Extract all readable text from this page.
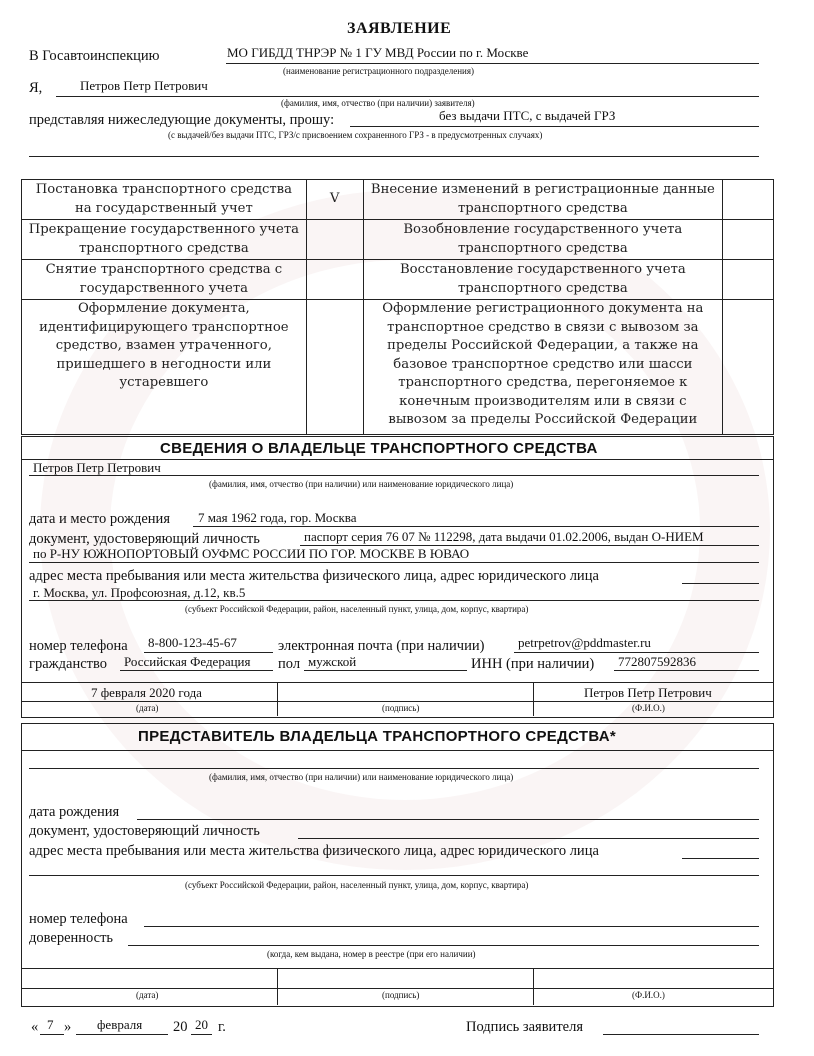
ЗАЯВЛЕНИЕ
В Госавтоинспекцию	МО ГИБДД ТНРЭР № 1 ГУ МВД России по г. Москве
(наименование регистрационного подразделения)
Я,	Петров Петр Петрович
(фамилия, имя, отчество (при наличии) заявителя)
представляя нижеследующие документы, прошу:	без выдачи ПТС, с выдачей ГРЗ
(с выдачей/без выдачи ПТС, ГРЗ/с присвоением сохраненного ГРЗ - в предусмотренных случаях)
Постановка транспортного средства на государственный учет	V	Внесение изменений в регистрационные данные транспортного средства	
Прекращение государственного учета транспортного средства		Возобновление государственного учета транспортного средства	
Снятие транспортного средства с государственного учета		Восстановление государственного учета транспортного средства	
Оформление документа, идентифицирующего транспортное средство, взамен утраченного, пришедшего в негодности или устаревшего		Оформление регистрационного документа на транспортное средство в связи с вывозом за пределы Российской Федерации, а также на базовое транспортное средство или шасси транспортного средства, перегоняемое к конечным производителям или в связи с вывозом за пределы Российской Федерации	
СВЕДЕНИЯ О ВЛАДЕЛЬЦЕ ТРАНСПОРТНОГО СРЕДСТВА
Петров Петр Петрович
(фамилия, имя, отчество (при наличии) или наименование юридического лица)
дата и место рождения 7 мая 1962 года, гор. Москва
документ, удостоверяющий личность	паспорт серия 76 07 № 112298, дата выдачи 01.02.2006, выдан О-НИЕМ
по Р-НУ ЮЖНОПОРТОВЫЙ ОУФМС РОССИИ ПО ГОР. МОСКВЕ В ЮВАО
адрес места пребывания или места жительства физического лица, адрес юридического лица
г. Москва, ул. Профсоюзная, д.12, кв.5
(субъект Российской Федерации, район, населенный пункт, улица, дом, корпус, квартира)
номер телефона 8-800-123-45-67	электронная почта (при наличии)	petrpetrov@pddmaster.ru
гражданство Российская Федерация пол мужской	ИНН (при наличии) 772807592836
7 февраля 2020 года	Петров Петр Петрович
(дата)	(подпись)	(Ф.И.О.)
ПРЕДСТАВИТЕЛЬ ВЛАДЕЛЬЦА ТРАНСПОРТНОГО СРЕДСТВА*
(фамилия, имя, отчество (при наличии) или наименование юридического лица)
дата рождения
документ, удостоверяющий личность
адрес места пребывания или места жительства физического лица, адрес юридического лица
(субъект Российской Федерации, район, населенный пункт, улица, дом, корпус, квартира)
номер телефона
доверенность
(когда, кем выдана, номер в реестре (при его наличии)
(дата)	(подпись)	(Ф.И.О.)
« 7 » февраля 20 20 г.	Подпись заявителя
